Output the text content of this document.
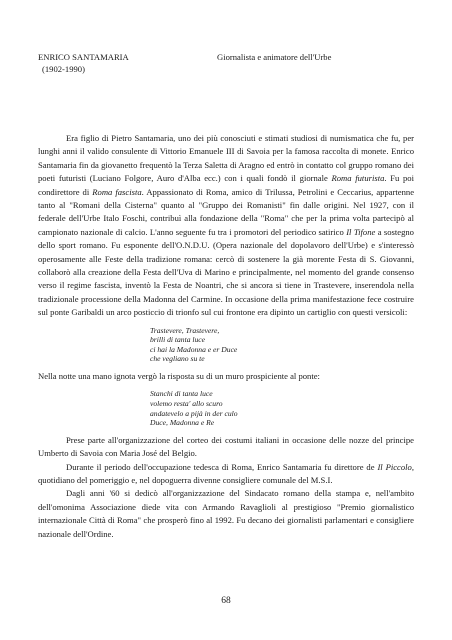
ENRICO SANTAMARIA
(1902-1990)
Giornalista e animatore dell'Urbe

Era figlio di Pietro Santamaria, uno dei più conosciuti e stimati studiosi di numismatica che fu, per lunghi anni il valido consulente di Vittorio Emanuele III di Savoia per la famosa raccolta di monete. Enrico Santamaria fin da giovanetto frequentò la Terza Saletta di Aragno ed entrò in contatto col gruppo romano dei poeti futuristi (Luciano Folgore, Auro d'Alba ecc.) con i quali fondò il giornale Roma futurista. Fu poi condirettore di Roma fascista. Appassionato di Roma, amico di Trilussa, Petrolini e Ceccarius, appartenne tanto al "Romani della Cisterna" quanto al "Gruppo dei Romanisti" fin dalle origini. Nel 1927, con il federale dell'Urbe Italo Foschi, contribuì alla fondazione della "Roma" che per la prima volta partecipò al campionato nazionale di calcio. L'anno seguente fu tra i promotori del periodico satirico Il Tifone a sostegno dello sport romano. Fu esponente dell'O.N.D.U. (Opera nazionale del dopolavoro dell'Urbe) e s'interessò operosamente alle Feste della tradizione romana: cercò di sostenere la già morente Festa di S. Giovanni, collaborò alla creazione della Festa dell'Uva di Marino e principalmente, nel momento del grande consenso verso il regime fascista, inventò la Festa de Noantri, che si ancora si tiene in Trastevere, inserendola nella tradizionale processione della Madonna del Carmine. In occasione della prima manifestazione fece costruire sul ponte Garibaldi un arco posticcio di trionfo sul cui frontone era dipinto un cartiglio con questi versicoli:

Trastevere, Trastevere,
brilli di tanta luce
ci hai la Madonna e er Duce
che vegliano su te

Nella notte una mano ignota vergò la risposta su di un muro prospiciente al ponte:

Stanchi di tanta luce
volemo resta' allo scuro
andatevelo a pijà in der culo
Duce, Madonna e Re

Prese parte all'organizzazione del corteo dei costumi italiani in occasione delle nozze del principe Umberto di Savoia con Maria José del Belgio.

Durante il periodo dell'occupazione tedesca di Roma, Enrico Santamaria fu direttore de Il Piccolo, quotidiano del pomeriggio e, nel dopoguerra divenne consigliere comunale del M.S.I.

Dagli anni '60 si dedicò all'organizzazione del Sindacato romano della stampa e, nell'ambito dell'omonima Associazione diede vita con Armando Ravaglioli al prestigioso "Premio giornalistico internazionale Città di Roma" che prosperò fino al 1992. Fu decano dei giornalisti parlamentari e consigliere nazionale dell'Ordine.

68
